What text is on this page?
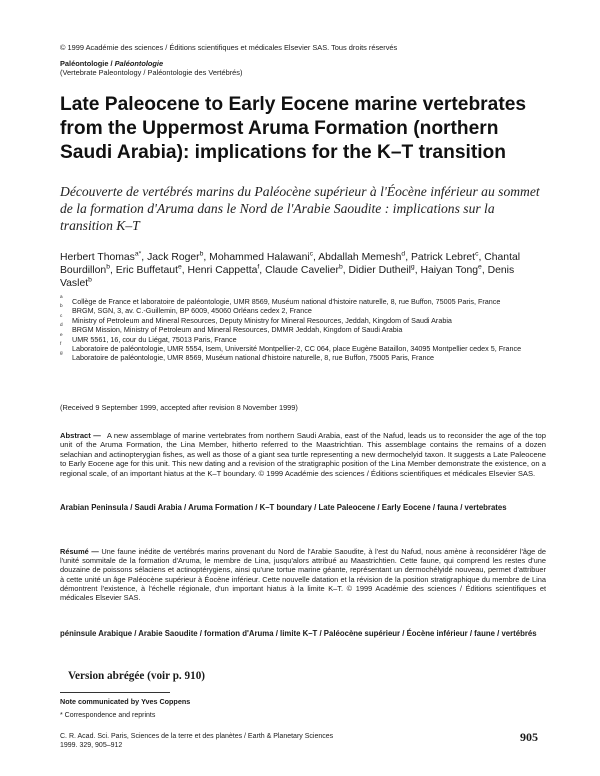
© 1999 Académie des sciences / Éditions scientifiques et médicales Elsevier SAS. Tous droits réservés
Paléontologie / Paléontologie
(Vertebrate Paleontology / Paléontologie des Vertébrés)
Late Paleocene to Early Eocene marine vertebrates from the Uppermost Aruma Formation (northern Saudi Arabia): implications for the K–T transition
Découverte de vertébrés marins du Paléocène supérieur à l'Éocène inférieur au sommet de la formation d'Aruma dans le Nord de l'Arabie Saoudite : implications sur la transition K–T
Herbert Thomas$^{a*}$, Jack Roger$^b$, Mohammed Halawani$^c$, Abdallah Memesh$^d$, Patrick Lebret$^c$, Chantal Bourdillon$^b$, Eric Buffetaut$^e$, Henri Cappetta$^f$, Claude Cavelier$^b$, Didier Dutheil$^g$, Haiyan Tong$^e$, Denis Vaslet$^b$
a
Collège de France et laboratoire de paléontologie, UMR 8569, Muséum national d'histoire naturelle, 8, rue Buffon, 75005 Paris, France
b
BRGM, SGN, 3, av. C.-Guillemin, BP 6009, 45060 Orléans cedex 2, France
c
Ministry of Petroleum and Mineral Resources, Deputy Ministry for Mineral Resources, Jeddah, Kingdom of Saudi Arabia
d
BRGM Mission, Ministry of Petroleum and Mineral Resources, DMMR Jeddah, Kingdom of Saudi Arabia
e
UMR 5561, 16, cour du Liégat, 75013 Paris, France
f
Laboratoire de paléontologie, UMR 5554, Isem, Université Montpellier-2, CC 064, place Eugène Bataillon, 34095 Montpellier cedex 5, France
g
Laboratoire de paléontologie, UMR 8569, Muséum national d'histoire naturelle, 8, rue Buffon, 75005 Paris, France
(Received 9 September 1999, accepted after revision 8 November 1999)
Abstract — A new assemblage of marine vertebrates from northern Saudi Arabia, east of the Nafud, leads us to reconsider the age of the top unit of the Aruma Formation, the Lina Member, hitherto referred to the Maastrichtian. This assemblage contains the remains of a dozen selachian and actinopterygian fishes, as well as those of a giant sea turtle representing a new dermochelyid taxon. It suggests a Late Paleocene to Early Eocene age for this unit. This new dating and a revision of the stratigraphic position of the Lina Member demonstrate the existence, on a regional scale, of an important hiatus at the K–T boundary. © 1999 Académie des sciences / Éditions scientifiques et médicales Elsevier SAS.
Arabian Peninsula / Saudi Arabia / Aruma Formation / K–T boundary / Late Paleocene / Early Eocene / fauna / vertebrates
Résumé — Une faune inédite de vertébrés marins provenant du Nord de l'Arabie Saoudite, à l'est du Nafud, nous amène à reconsidérer l'âge de l'unité sommitale de la formation d'Aruma, le membre de Lina, jusqu'alors attribué au Maastrichtien. Cette faune, qui comprend les restes d'une douzaine de poissons sélaciens et actinoptérygiens, ainsi qu'une tortue marine géante, représentant un dermochélyidé nouveau, permet d'attribuer à cette unité un âge Paléocène supérieur à Éocène inférieur. Cette nouvelle datation et la révision de la position stratigraphique du membre de Lina démontrent l'existence, à l'échelle régionale, d'un important hiatus à la limite K–T. © 1999 Académie des sciences / Éditions scientifiques et médicales Elsevier SAS.
péninsule Arabique / Arabie Saoudite / formation d'Aruma / limite K–T / Paléocène supérieur / Éocène inférieur / faune / vertébrés
Version abrégée (voir p. 910)
Note communicated by Yves Coppens
* Correspondence and reprints
C. R. Acad. Sci. Paris, Sciences de la terre et des planètes / Earth & Planetary Sciences
1999. 329, 905–912
905
